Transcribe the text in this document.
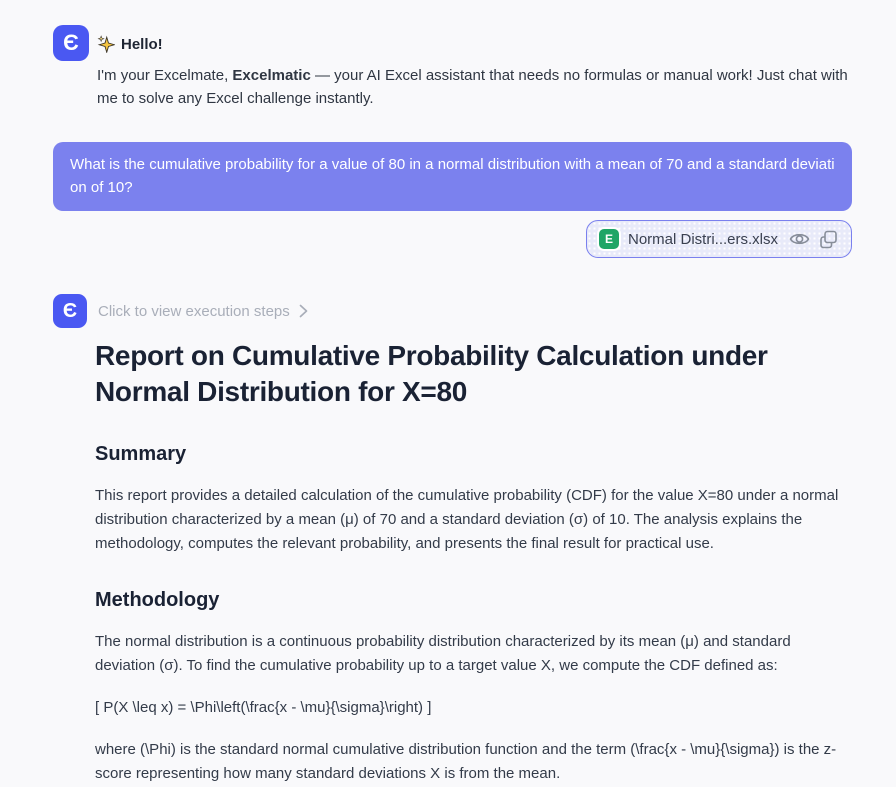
Є	Hello!

I'm your Excelmate, Excelmatic — your AI Excel assistant that needs no formulas or manual work! Just chat with me to solve any Excel challenge instantly.

What is the cumulative probability for a value of 80 in a normal distribution with a mean of 70 and a standard deviation of 10?
E	Normal Distri...ers.xlsx
Є	Click to view execution steps
Report on Cumulative Probability Calculation under Normal Distribution for X=80
Summary

This report provides a detailed calculation of the cumulative probability (CDF) for the value X=80 under a normal distribution characterized by a mean (μ) of 70 and a standard deviation (σ) of 10. The analysis explains the methodology, computes the relevant probability, and presents the final result for practical use.

Methodology

The normal distribution is a continuous probability distribution characterized by its mean (μ) and standard deviation (σ). To find the cumulative probability up to a target value X, we compute the CDF defined as:

[ P(X \leq x) = \Phi\left(\frac{x - \mu}{\sigma}\right) ]

where (\Phi) is the standard normal cumulative distribution function and the term (\frac{x - \mu}{\sigma}) is the z-score representing how many standard deviations X is from the mean.
